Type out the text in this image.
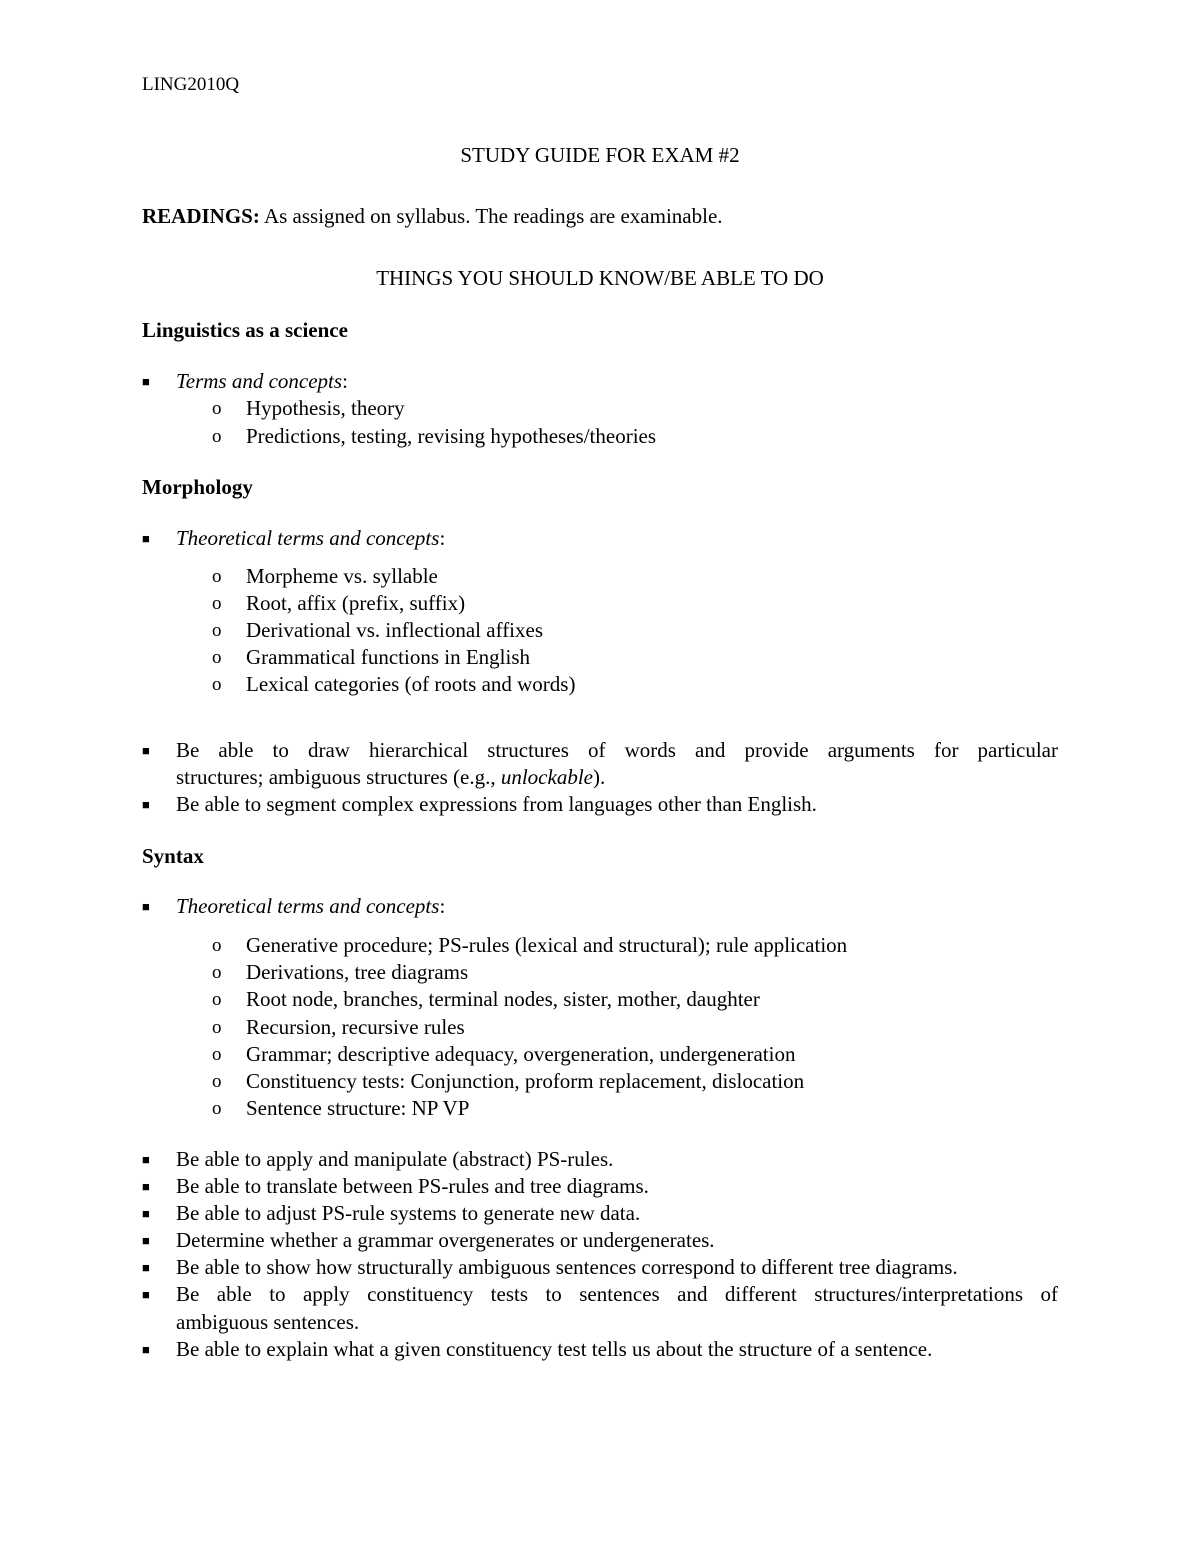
LING2010Q
STUDY GUIDE FOR EXAM #2
READINGS: As assigned on syllabus. The readings are examinable.
THINGS YOU SHOULD KNOW/BE ABLE TO DO
Linguistics as a science
■ Terms and concepts:
o Hypothesis, theory
o Predictions, testing, revising hypotheses/theories
Morphology
■ Theoretical terms and concepts:
o Morpheme vs. syllable
o Root, affix (prefix, suffix)
o Derivational vs. inflectional affixes
o Grammatical functions in English
o Lexical categories (of roots and words)
■ Be able to draw hierarchical structures of words and provide arguments for particular
structures; ambiguous structures (e.g., unlockable).
■ Be able to segment complex expressions from languages other than English.
Syntax
■ Theoretical terms and concepts:
o Generative procedure; PS-rules (lexical and structural); rule application
o Derivations, tree diagrams
o Root node, branches, terminal nodes, sister, mother, daughter
o Recursion, recursive rules
o Grammar; descriptive adequacy, overgeneration, undergeneration
o Constituency tests: Conjunction, proform replacement, dislocation
o Sentence structure: NP VP
■ Be able to apply and manipulate (abstract) PS-rules.
■ Be able to translate between PS-rules and tree diagrams.
■ Be able to adjust PS-rule systems to generate new data.
■ Determine whether a grammar overgenerates or undergenerates.
■ Be able to show how structurally ambiguous sentences correspond to different tree diagrams.
■ Be able to apply constituency tests to sentences and different structures/interpretations of
ambiguous sentences.
■ Be able to explain what a given constituency test tells us about the structure of a sentence.
